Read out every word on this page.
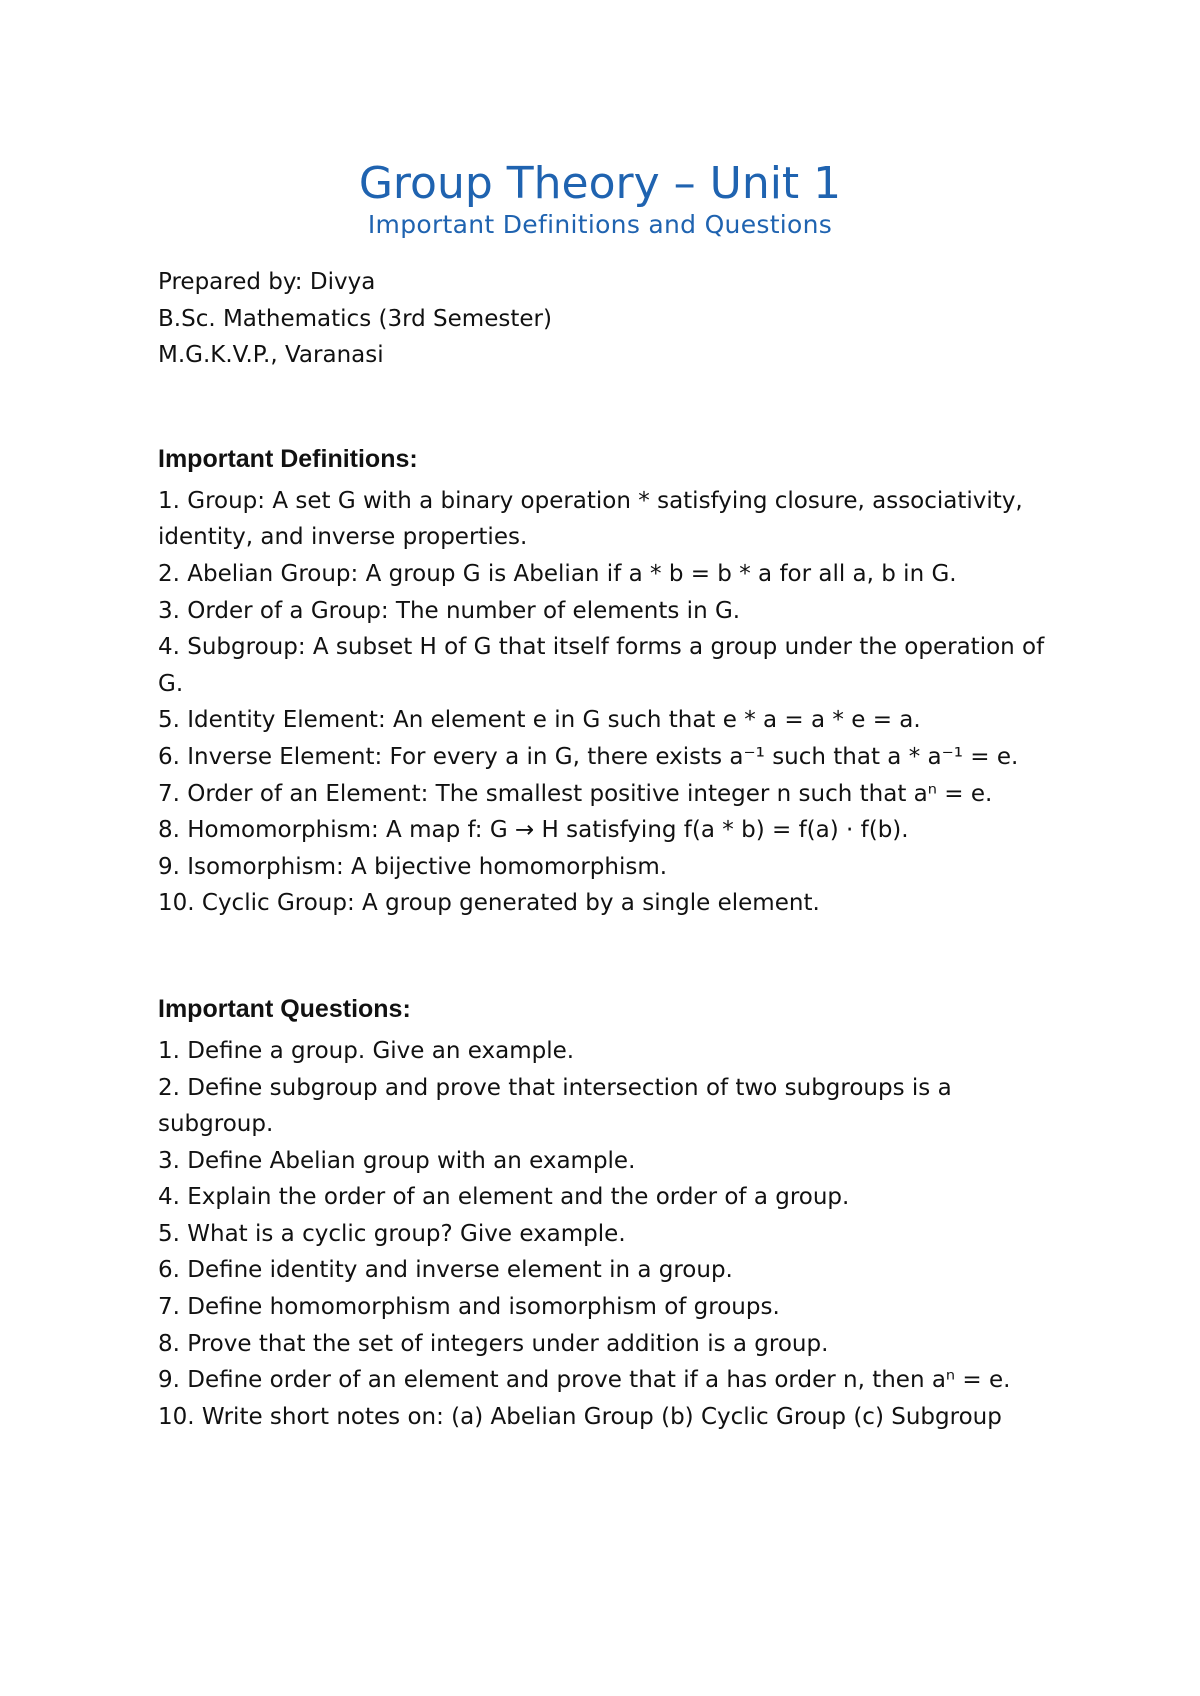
Group Theory – Unit 1

Important Definitions and Questions

Prepared by: Divya
B.Sc. Mathematics (3rd Semester)
M.G.K.V.P., Varanasi
Important Definitions:
1. Group: A set G with a binary operation * satisfying closure, associativity, identity, and inverse properties.
2. Abelian Group: A group G is Abelian if a * b = b * a for all a, b in G.
3. Order of a Group: The number of elements in G.
4. Subgroup: A subset H of G that itself forms a group under the operation of G.
5. Identity Element: An element e in G such that e * a = a * e = a.
6. Inverse Element: For every a in G, there exists a⁻¹ such that a * a⁻¹ = e.
7. Order of an Element: The smallest positive integer n such that aⁿ = e.
8. Homomorphism: A map f: G → H satisfying f(a * b) = f(a) · f(b).
9. Isomorphism: A bijective homomorphism.
10. Cyclic Group: A group generated by a single element.
Important Questions:
1. Define a group. Give an example.
2. Define subgroup and prove that intersection of two subgroups is a subgroup.
3. Define Abelian group with an example.
4. Explain the order of an element and the order of a group.
5. What is a cyclic group? Give example.
6. Define identity and inverse element in a group.
7. Define homomorphism and isomorphism of groups.
8. Prove that the set of integers under addition is a group.
9. Define order of an element and prove that if a has order n, then aⁿ = e.
10. Write short notes on: (a) Abelian Group (b) Cyclic Group (c) Subgroup
